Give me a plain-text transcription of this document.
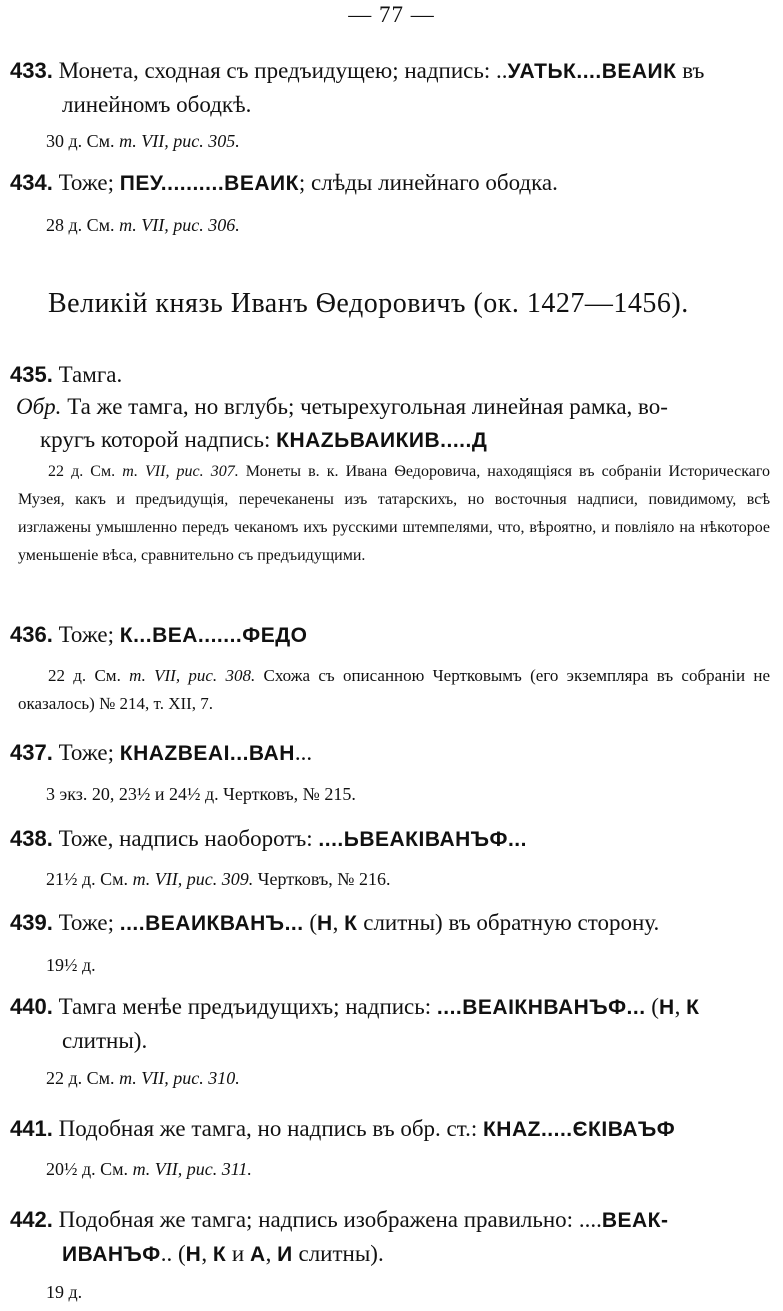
— 77 —
433. Монета, сходная съ предъидущею; надпись: ..УАТЬК....ВЕАИК въ
линейномъ ободкѣ.
30 д. См. т. VII, рис. 305.
434. Тоже; ПЕУ..........ВЕАИК; слѣды линейнаго ободка.
28 д. См. т. VII, рис. 306.
Великій князь Иванъ Ѳедоровичъ (ок. 1427—1456).
435. Тамга.
Обр. Та же тамга, но вглубь; четырехугольная линейная рамка, во-
кругъ которой надпись: КНАZЬВАИКИВ.....Д
22 д. См. т. VII, рис. 307. Монеты в. к. Ивана Ѳедоровича, находящіяся въ собраніи Историческаго Музея, какъ и предъидущія, перечеканены изъ татарскихъ, но восточныя надписи, повидимому, всѣ изглажены умышленно передъ чеканомъ ихъ русскими штемпелями, что, вѣроятно, и повліяло на нѣкоторое уменьшеніе вѣса, сравнительно съ предъидущими.
436. Тоже; К...ВЕА.......ФЕДО
22 д. См. т. VII, рис. 308. Схожа съ описанною Чертковымъ (его экземпляра въ собраніи не оказалось) № 214, т. XII, 7.
437. Тоже; КНАZВЕАІ...ВАН...
3 экз. 20, 23½ и 24½ д. Чертковъ, № 215.
438. Тоже, надпись наоборотъ: ....ЬВЕАКІВАНЪФ...
21½ д. См. т. VII, рис. 309. Чертковъ, № 216.
439. Тоже; ....ВЕАИКВАНЪ... (Н, К слитны) въ обратную сторону.
19½ д.
440. Тамга менѣе предъидущихъ; надпись: ....ВЕАІКНВАНЪФ... (Н, К
слитны).
22 д. См. т. VII, рис. 310.
441. Подобная же тамга, но надпись въ обр. ст.: КНАZ.....ЄКІВАЪФ
20½ д. См. т. VII, рис. 311.
442. Подобная же тамга; надпись изображена правильно: ....ВЕАК-
ИВАНЪФ.. (Н, К и А, И слитны).
19 д.
